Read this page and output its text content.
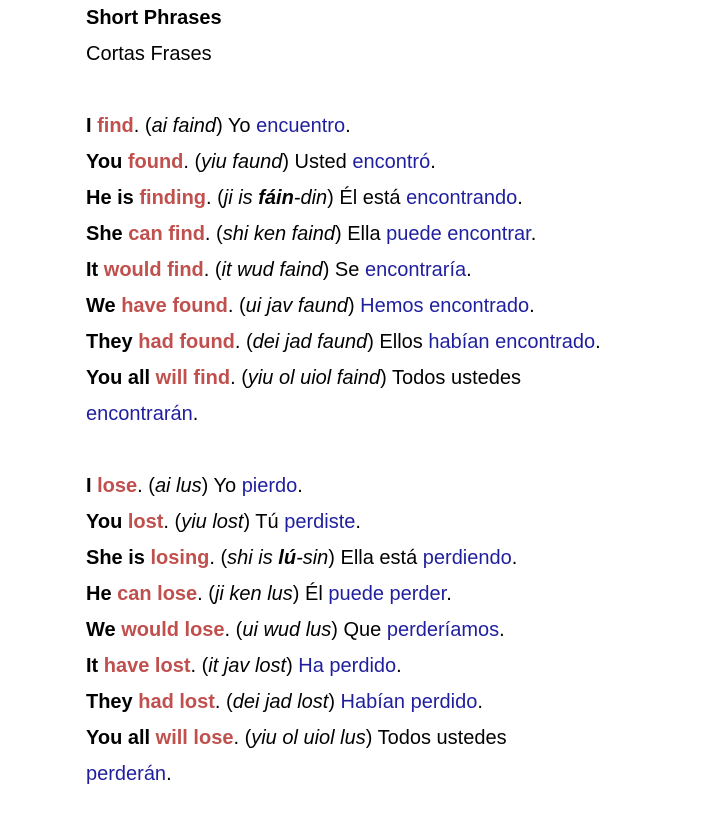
Short Phrases
Cortas Frases
I find. (ai faind) Yo encuentro.
You found. (yiu faund) Usted encontró.
He is finding. (ji is fáin-din) Él está encontrando.
She can find. (shi ken faind) Ella puede encontrar.
It would find. (it wud faind) Se encontraría.
We have found. (ui jav faund) Hemos encontrado.
They had found. (dei jad faund) Ellos habían encontrado.
You all will find. (yiu ol uiol faind) Todos ustedes
encontrarán.
I lose. (ai lus) Yo pierdo.
You lost. (yiu lost) Tú perdiste.
She is losing. (shi is lú-sin) Ella está perdiendo.
He can lose. (ji ken lus) Él puede perder.
We would lose. (ui wud lus) Que perderíamos.
It have lost. (it jav lost) Ha perdido.
They had lost. (dei jad lost) Habían perdido.
You all will lose. (yiu ol uiol lus) Todos ustedes
perderán.
